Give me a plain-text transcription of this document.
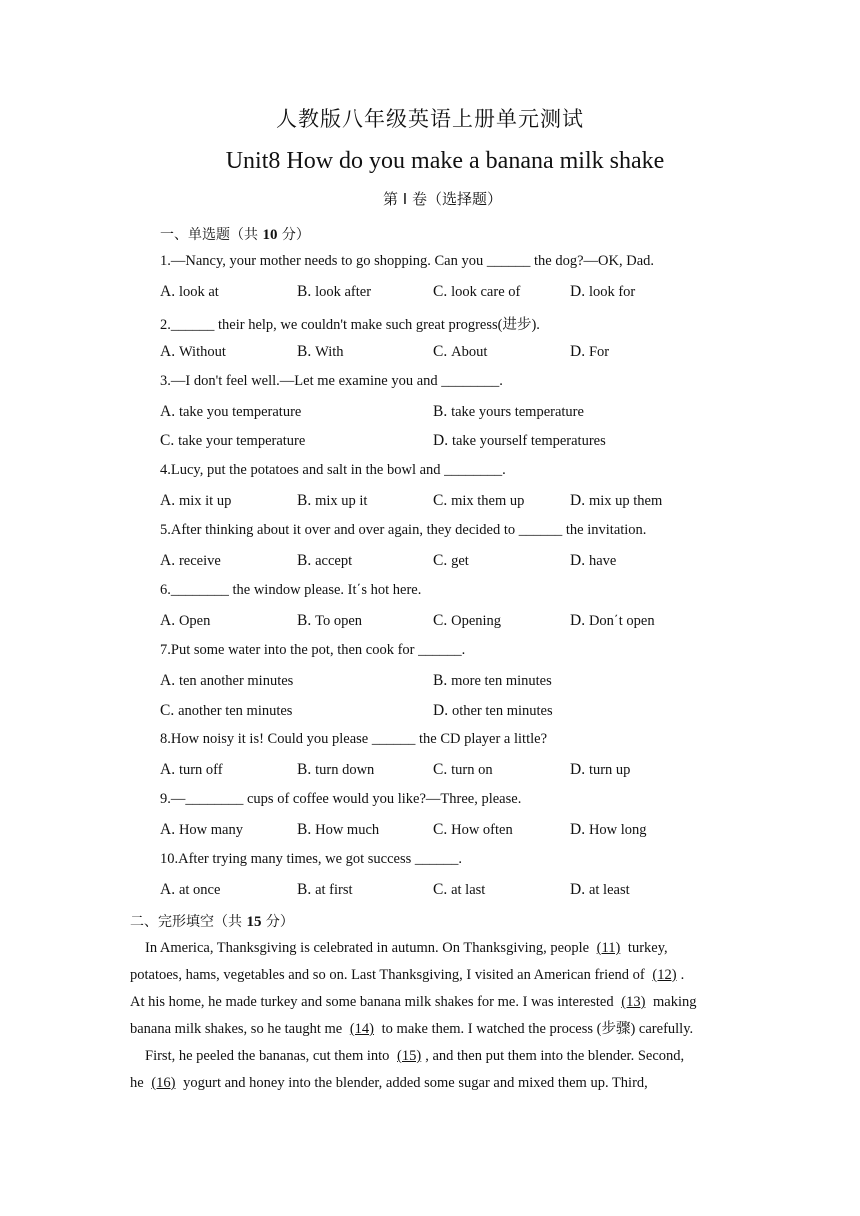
人教版八年级英语上册单元测试
Unit8 How do you make a banana milk shake
第 I 卷（选择题）
一、单选题（共 10 分）
1.—Nancy, your mother needs to go shopping. Can you ______ the dog?—OK, Dad.
A. look at	B. look after	C. look care of	D. look for
2.______ their help, we couldn't make such great progress(进步).
A. Without	B. With	C. About	D. For
3.—I don't feel well.—Let me examine you and ________.
A. take you temperature	B. take yours temperature
C. take your temperature	D. take yourself temperatures
4.Lucy, put the potatoes and salt in the bowl and ________.
A. mix it up	B. mix up it	C. mix them up	D. mix up them
5.After thinking about it over and over again, they decided to ______ the invitation.
A. receive	B. accept	C. get	D. have
6.________ the window please. It΄s hot here.
A. Open	B. To open	C. Opening	D. Don΄t open
7.Put some water into the pot, then cook for ______.
A. ten another minutes	B. more ten minutes
C. another ten minutes	D. other ten minutes
8.How noisy it is! Could you please ______ the CD player a little?
A. turn off	B. turn down	C. turn on	D. turn up
9.—________ cups of coffee would you like?—Three, please.
A. How many	B. How much	C. How often	D. How long
10.After trying many times, we got success ______.
A. at once	B. at first	C. at last	D. at least
二、完形填空（共 15 分）
In America, Thanksgiving is celebrated in autumn. On Thanksgiving, people (11) turkey,
potatoes, hams, vegetables and so on. Last Thanksgiving, I visited an American friend of (12) .
At his home, he made turkey and some banana milk shakes for me. I was interested (13) making
banana milk shakes, so he taught me (14) to make them. I watched the process (步骤) carefully.
First, he peeled the bananas, cut them into (15) , and then put them into the blender. Second,
he (16) yogurt and honey into the blender, added some sugar and mixed them up. Third,
